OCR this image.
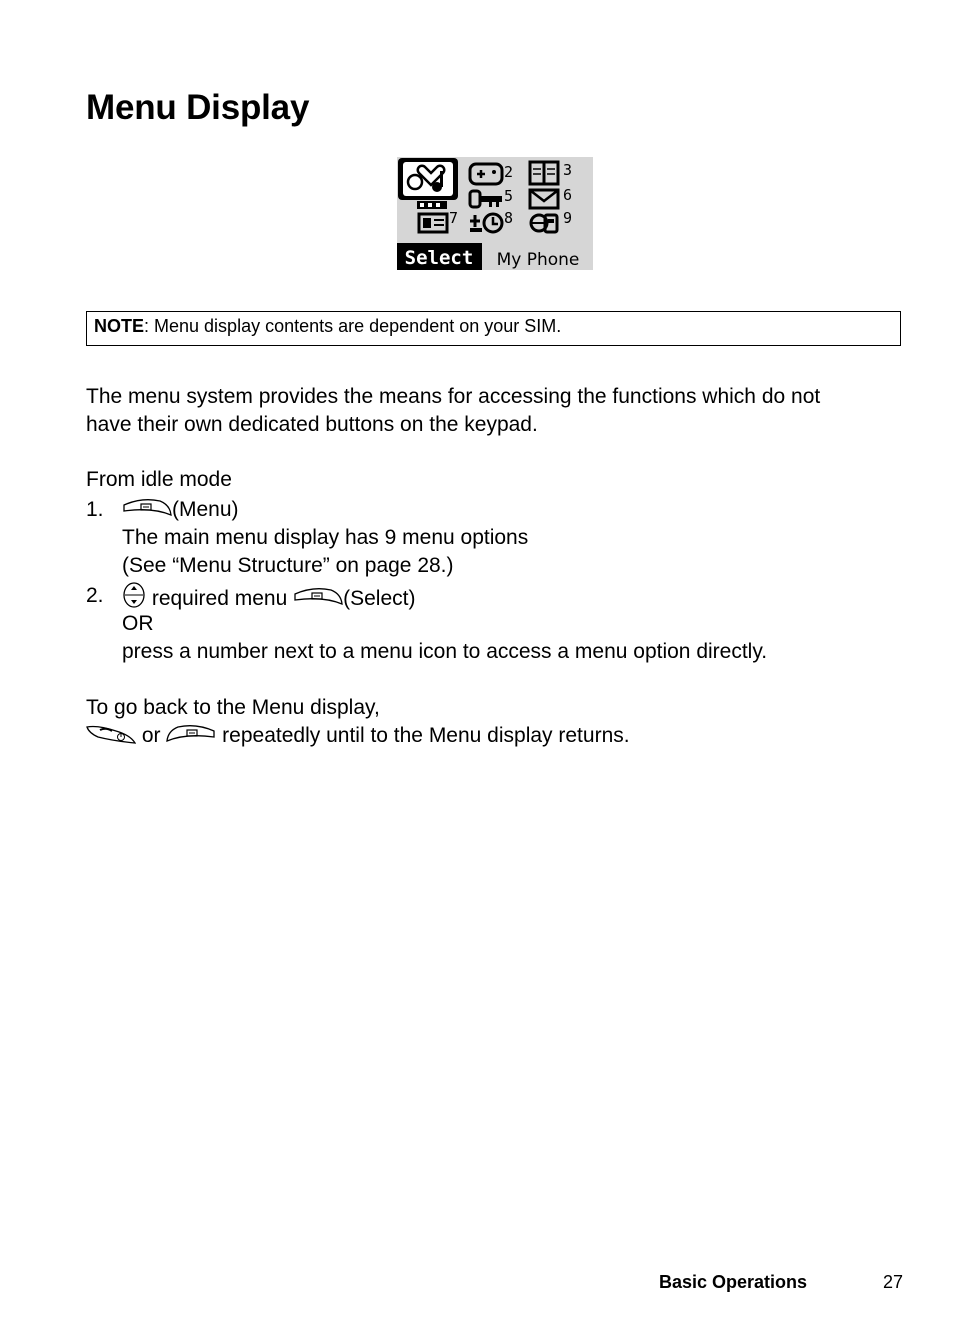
Menu Display
2	3
5	6
7	8	9
Select My Phone
NOTE: Menu display contents are dependent on your SIM.
The menu system provides the means for accessing the functions which do not
have their own dedicated buttons on the keypad.
From idle mode
1.	(Menu)
The main menu display has 9 menu options
(See “Menu Structure” on page 28.)
2.	required menu (Select)
OR
press a number next to a menu icon to access a menu option directly.
To go back to the Menu display,
or  repeatedly until to the Menu display returns.
Basic Operations	27
